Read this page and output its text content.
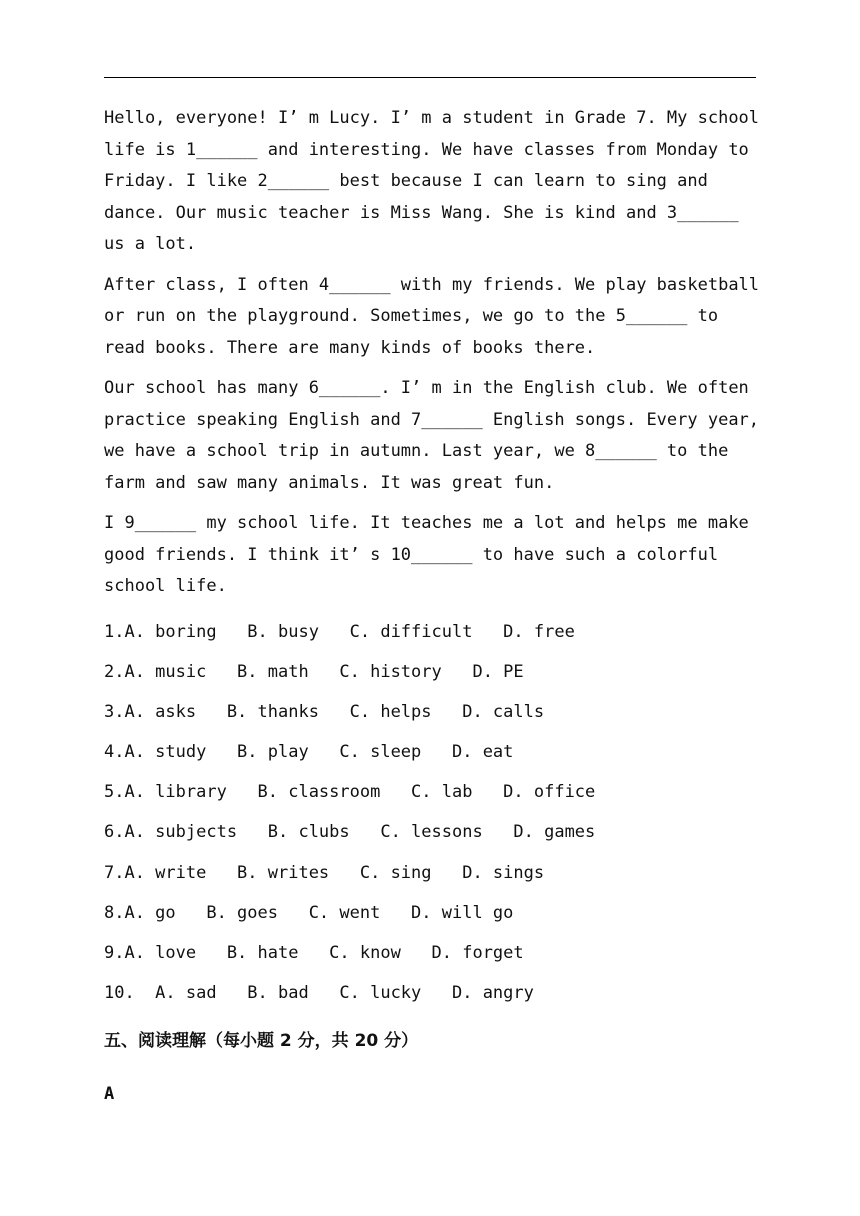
Hello, everyone! I’ m Lucy. I’ m a student in Grade 7. My school life is 1______ and interesting. We have classes from Monday to Friday. I like 2______ best because I can learn to sing and dance. Our music teacher is Miss Wang. She is kind and 3______ us a lot.

After class, I often 4______ with my friends. We play basketball or run on the playground. Sometimes, we go to the 5______ to read books. There are many kinds of books there.

Our school has many 6______. I’ m in the English club. We often practice speaking English and 7______ English songs. Every year, we have a school trip in autumn. Last year, we 8______ to the farm and saw many animals. It was great fun.

I 9______ my school life. It teaches me a lot and helps me make good friends. I think it’ s 10______ to have such a colorful school life.

1.A. boring   B. busy   C. difficult   D. free
2.A. music   B. math   C. history   D. PE
3.A. asks   B. thanks   C. helps   D. calls
4.A. study   B. play   C. sleep   D. eat
5.A. library   B. classroom   C. lab   D. office
6.A. subjects   B. clubs   C. lessons   D. games
7.A. write   B. writes   C. sing   D. sings
8.A. go   B. goes   C. went   D. will go
9.A. love   B. hate   C. know   D. forget
10.  A. sad   B. bad   C. lucky   D. angry
五、阅读理解（每小题 2 分，共 20 分）
A
